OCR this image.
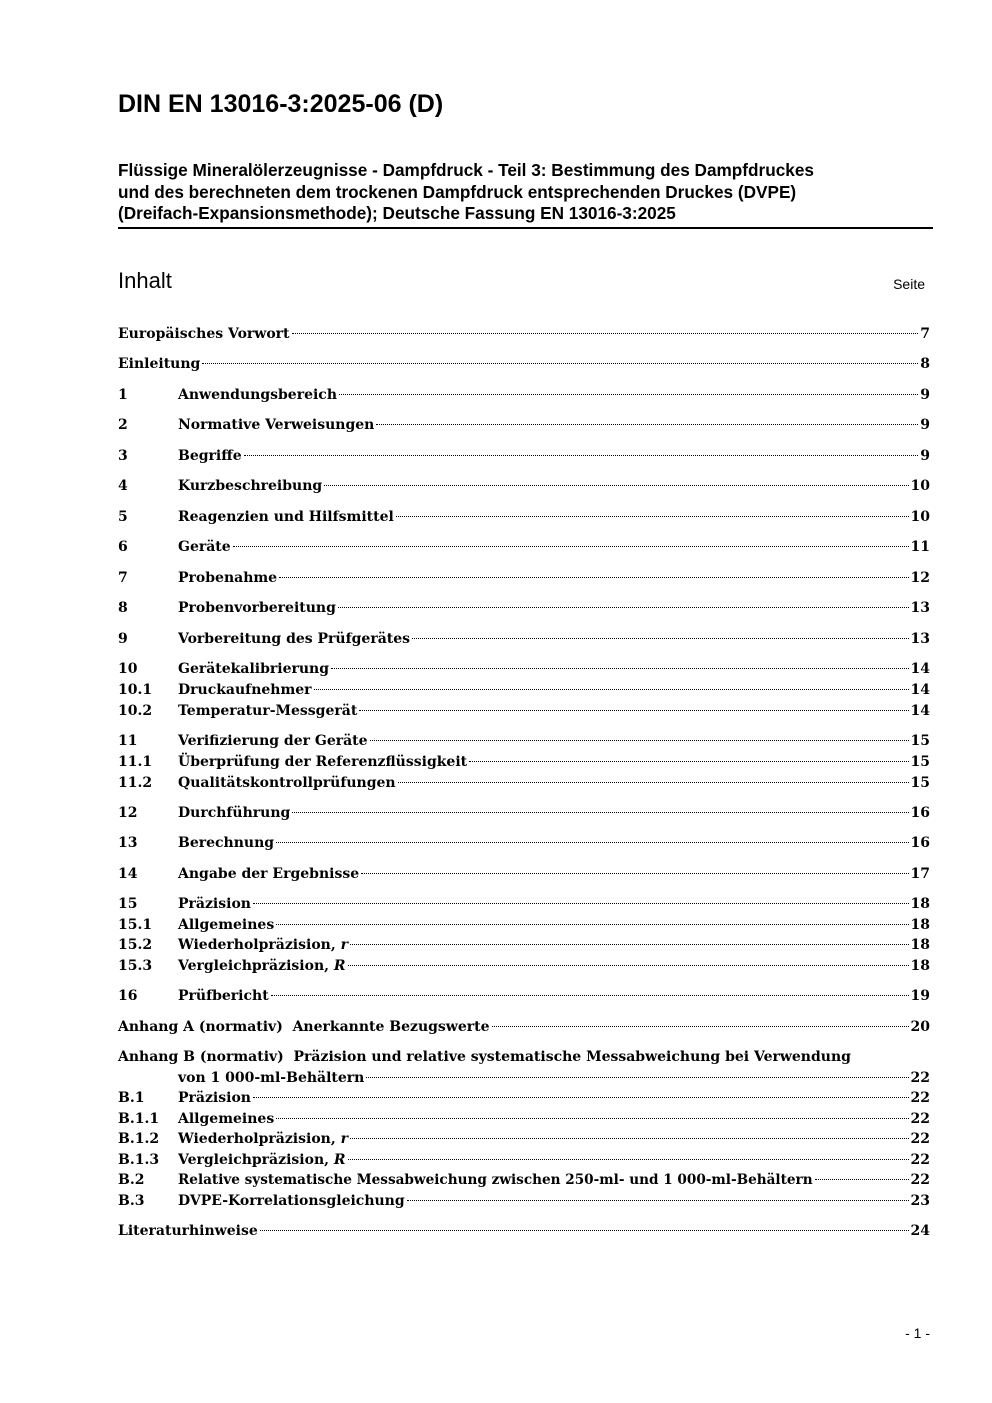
DIN EN 13016-3:2025-06 (D)
Flüssige Mineralölerzeugnisse - Dampfdruck - Teil 3: Bestimmung des Dampfdruckes
und des berechneten dem trockenen Dampfdruck entsprechenden Druckes (DVPE)
(Dreifach-Expansionsmethode); Deutsche Fassung EN 13016-3:2025
Inhalt	Seite
Europäisches Vorwort	7
Einleitung	8
1	Anwendungsbereich	9
2	Normative Verweisungen	9
3	Begriffe	9
4	Kurzbeschreibung	10
5	Reagenzien und Hilfsmittel	10
6	Geräte	11
7	Probenahme	12
8	Probenvorbereitung	13
9	Vorbereitung des Prüfgerätes	13
10	Gerätekalibrierung	14
10.1	Druckaufnehmer	14
10.2	Temperatur-Messgerät	14
11	Verifizierung der Geräte	15
11.1	Überprüfung der Referenzflüssigkeit	15
11.2	Qualitätskontrollprüfungen	15
12	Durchführung	16
13	Berechnung	16
14	Angabe der Ergebnisse	17
15	Präzision	18
15.1	Allgemeines	18
15.2	Wiederholpräzision, r	18
15.3	Vergleichpräzision, R	18
16	Prüfbericht	19
Anhang A (normativ)  Anerkannte Bezugswerte	20
Anhang B (normativ)  Präzision und relative systematische Messabweichung bei Verwendung
von 1 000-ml-Behältern	22
B.1	Präzision	22
B.1.1	Allgemeines	22
B.1.2	Wiederholpräzision, r	22
B.1.3	Vergleichpräzision, R	22
B.2	Relative systematische Messabweichung zwischen 250-ml- und 1 000-ml-Behältern	22
B.3	DVPE-Korrelationsgleichung	23
Literaturhinweise	24
- 1 -
